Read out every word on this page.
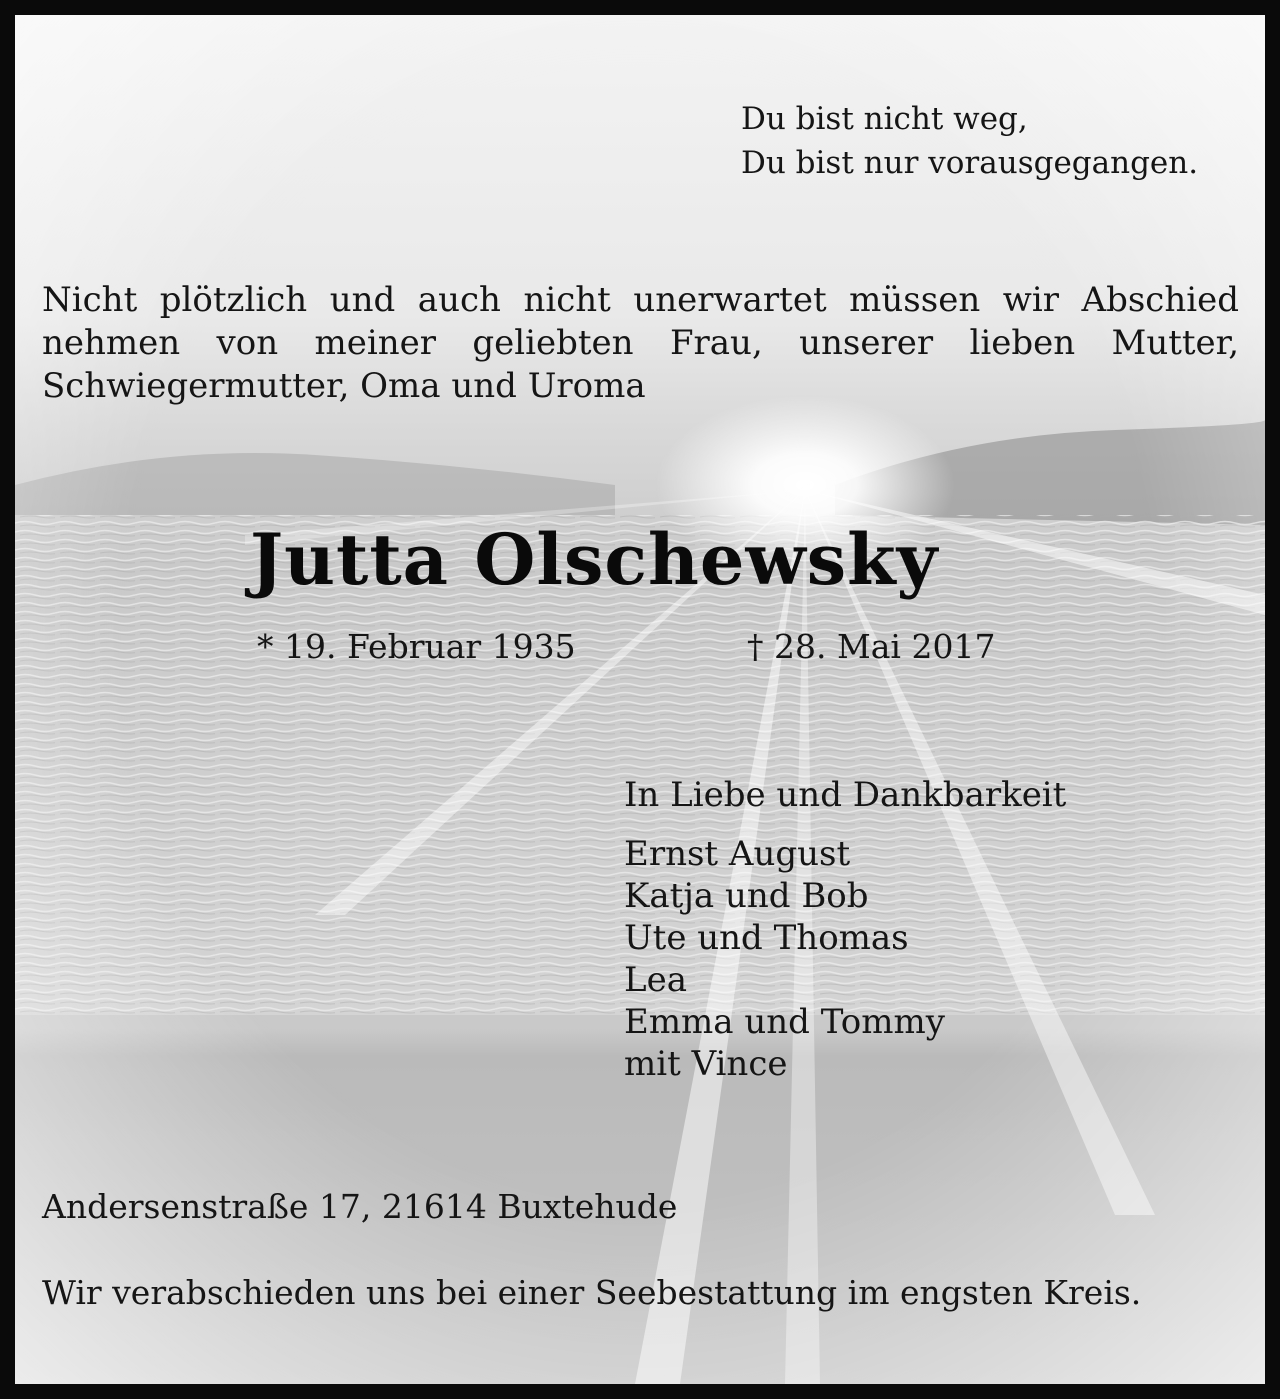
Du bist nicht weg,
Du bist nur vorausgegangen.
Nicht plötzlich und auch nicht unerwartet müssen wir Abschied nehmen von meiner geliebten Frau, unserer lieben Mutter, Schwiegermutter, Oma und Uroma
Jutta Olschewsky
* 19. Februar 1935	† 28. Mai 2017
In Liebe und Dankbarkeit
Ernst August
Katja und Bob
Ute und Thomas
Lea
Emma und Tommy
mit Vince
Andersenstraße 17, 21614 Buxtehude
Wir verabschieden uns bei einer Seebestattung im engsten Kreis.
